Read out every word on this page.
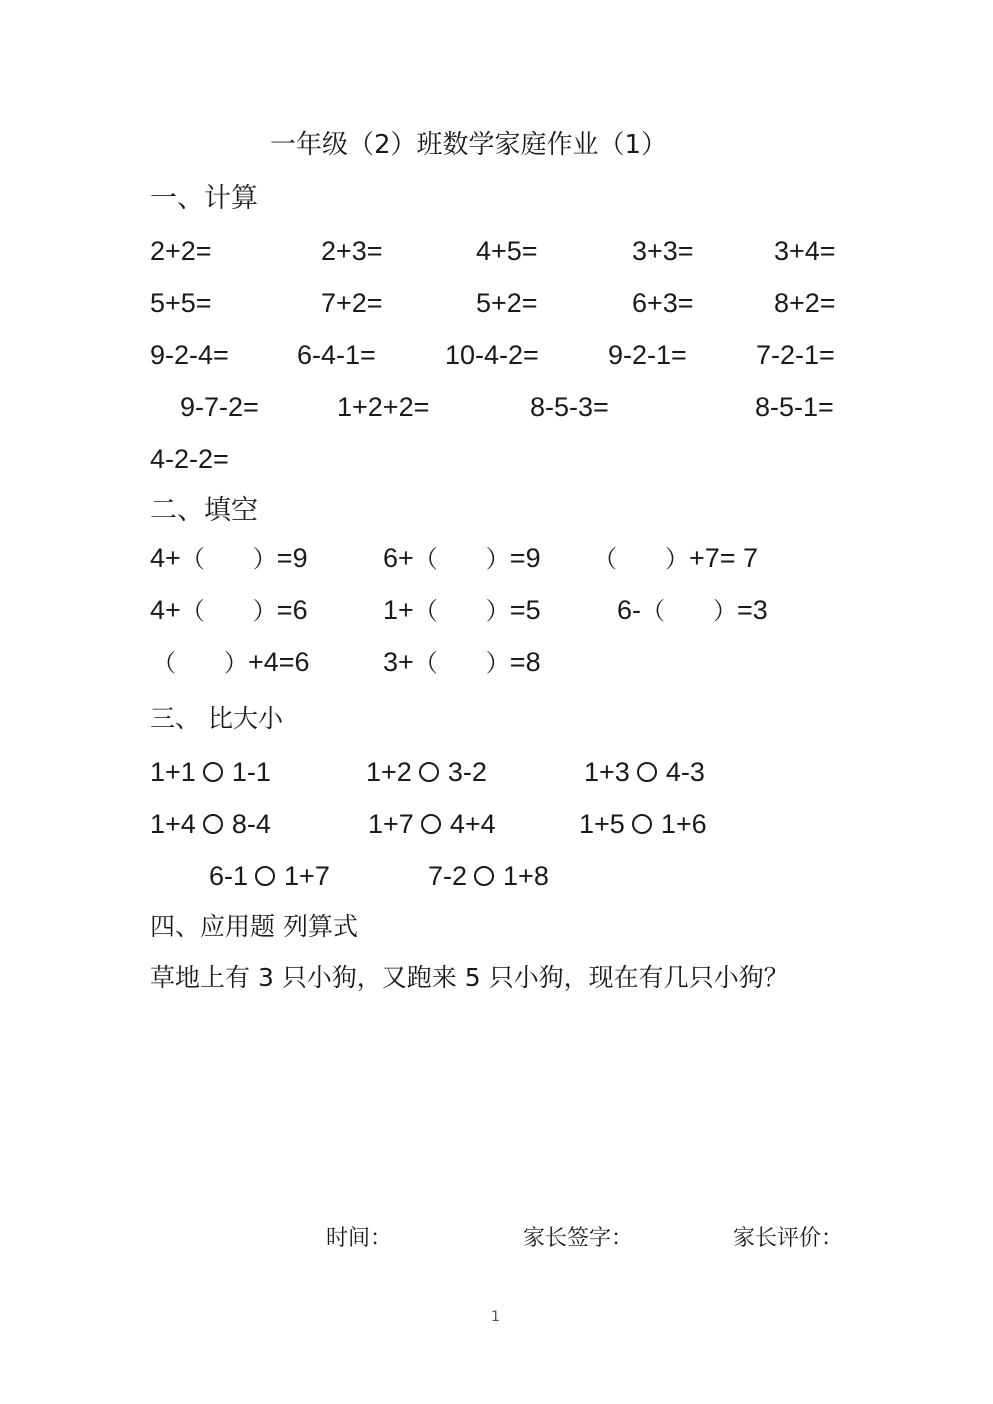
一年级（2）班数学家庭作业（1）
一、计算
2+2=	2+3=	4+5=	3+3=	3+4=
5+5=	7+2=	5+2=	6+3=	8+2=
9-2-4=	6-4-1=	10-4-2=	9-2-1=	7-2-1=
9-7-2=	1+2+2=	8-5-3=	8-5-1=
4-2-2=
二、填空
4+（ ）=9	6+（ ）=9 （ ）+7= 7
4+（ ）=6	1+（ ）=5	6-（ ）=3
（ ）+4=6	3+（ ）=8
三、 比大小
1+1 1-1	1+2 3-2	1+3 4-3
1+4 8-4	1+7 4+4	1+5 1+6
6-1 1+7	7-2 1+8
四、应用题 列算式
草地上有 3 只小狗，又跑来 5 只小狗，现在有几只小狗？
时间：	家长签字：	家长评价：
1
